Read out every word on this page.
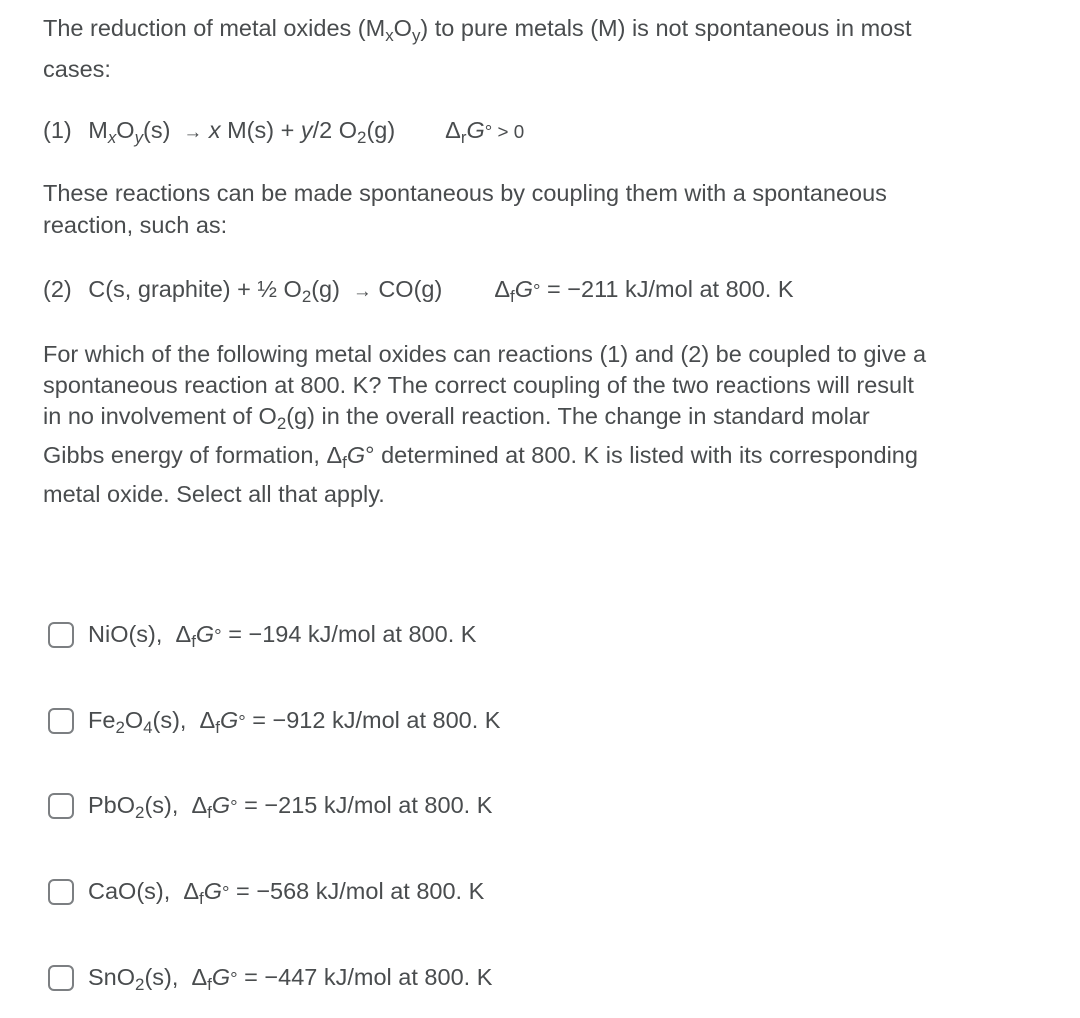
The reduction of metal oxides $(M_xO_y)$ to pure metals (M) is not spontaneous in most
cases:
(1) $M_xO_y(s) \to x$ M(s) + y/2 $O_2(g) \Delta_rG^\circ > 0$
These reactions can be made spontaneous by coupling them with a spontaneous
reaction, such as:
(2) C(s, graphite) + ½ $O_2(g) \to CO(g) \Delta_fG^\circ = -211$ kJ/mol at 800. K
For which of the following metal oxides can reactions (1) and (2) be coupled to give a
spontaneous reaction at 800. K? The correct coupling of the two reactions will result
in no involvement of $O_2(g)$ in the overall reaction. The change in standard molar
Gibbs energy of formation, $\Delta_fG^\circ$ determined at 800. K is listed with its corresponding
metal oxide. Select all that apply.
NiO(s),  $\Delta_fG^\circ = -194$ kJ/mol at 800. K
$Fe_2O_4(s)$,  $\Delta_fG^\circ = -912$ kJ/mol at 800. K
PbO$_2$(s),  $\Delta_fG^\circ = -215$ kJ/mol at 800. K
CaO(s),  $\Delta_fG^\circ = -568$ kJ/mol at 800. K
SnO$_2$(s),  $\Delta_fG^\circ = -447$ kJ/mol at 800. K
